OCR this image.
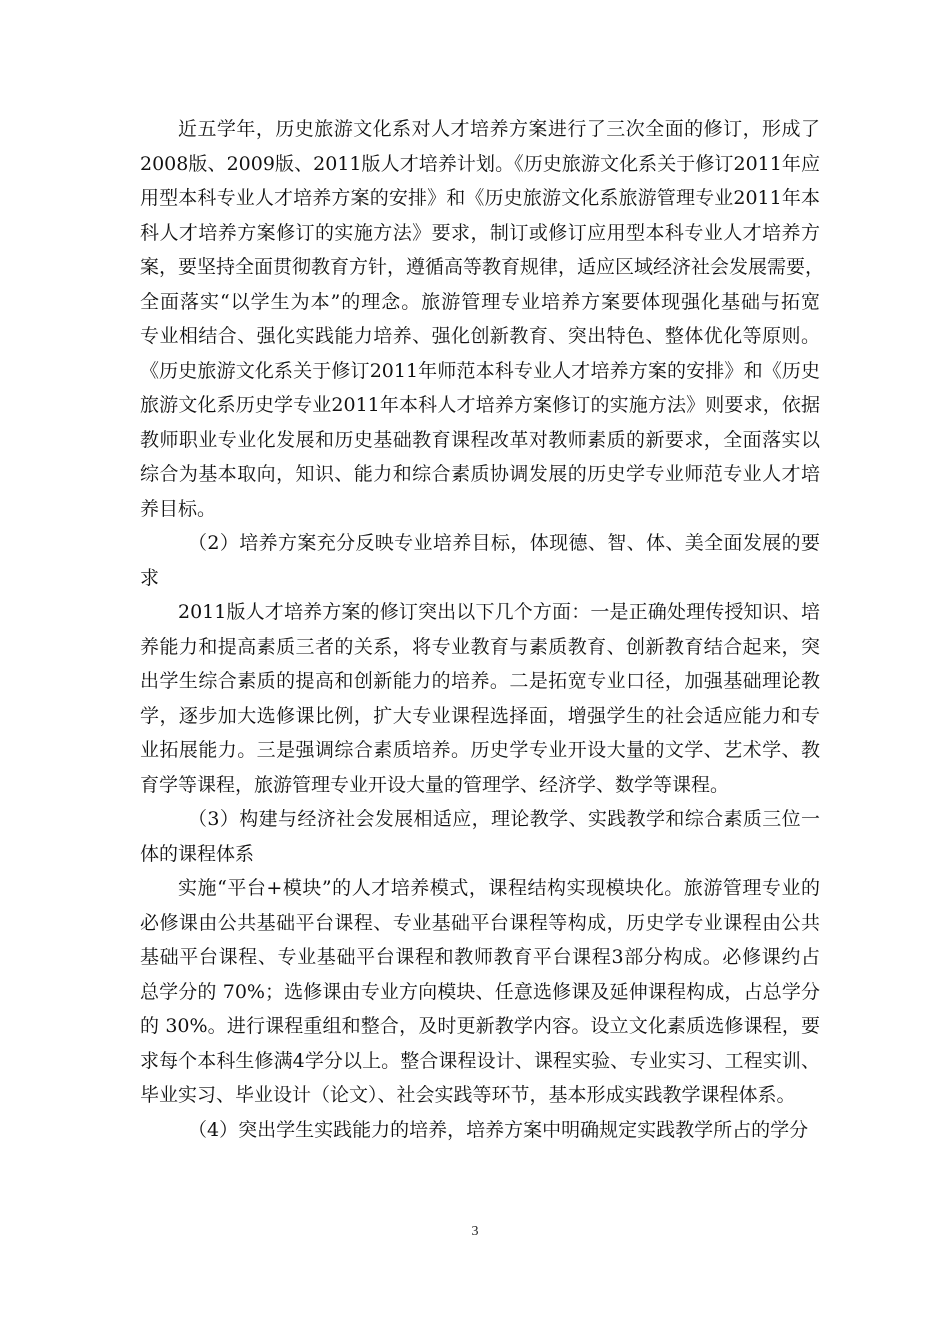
近五学年，历史旅游文化系对人才培养方案进行了三次全面的修订，形成了
2008版、2009版、2011版人才培养计划。《历史旅游文化系关于修订2011年应
用型本科专业人才培养方案的安排》和《历史旅游文化系旅游管理专业2011年本
科人才培养方案修订的实施方法》要求，制订或修订应用型本科专业人才培养方
案，要坚持全面贯彻教育方针，遵循高等教育规律，适应区域经济社会发展需要，
全面落实“以学生为本”的理念。旅游管理专业培养方案要体现强化基础与拓宽
专业相结合、强化实践能力培养、强化创新教育、突出特色、整体优化等原则。
《历史旅游文化系关于修订2011年师范本科专业人才培养方案的安排》和《历史
旅游文化系历史学专业2011年本科人才培养方案修订的实施方法》则要求，依据
教师职业专业化发展和历史基础教育课程改革对教师素质的新要求，全面落实以
综合为基本取向，知识、能力和综合素质协调发展的历史学专业师范专业人才培
养目标。
（2）培养方案充分反映专业培养目标，体现德、智、体、美全面发展的要
求
2011版人才培养方案的修订突出以下几个方面：一是正确处理传授知识、培
养能力和提高素质三者的关系，将专业教育与素质教育、创新教育结合起来，突
出学生综合素质的提高和创新能力的培养。二是拓宽专业口径，加强基础理论教
学，逐步加大选修课比例，扩大专业课程选择面，增强学生的社会适应能力和专
业拓展能力。三是强调综合素质培养。历史学专业开设大量的文学、艺术学、教
育学等课程，旅游管理专业开设大量的管理学、经济学、数学等课程。
（3）构建与经济社会发展相适应，理论教学、实践教学和综合素质三位一
体的课程体系
实施“平台+模块”的人才培养模式，课程结构实现模块化。旅游管理专业的
必修课由公共基础平台课程、专业基础平台课程等构成，历史学专业课程由公共
基础平台课程、专业基础平台课程和教师教育平台课程3部分构成。必修课约占
总学分的 70%；选修课由专业方向模块、任意选修课及延伸课程构成，占总学分
的 30%。进行课程重组和整合，及时更新教学内容。设立文化素质选修课程，要
求每个本科生修满4学分以上。整合课程设计、课程实验、专业实习、工程实训、
毕业实习、毕业设计（论文）、社会实践等环节，基本形成实践教学课程体系。
（4）突出学生实践能力的培养，培养方案中明确规定实践教学所占的学分
3
